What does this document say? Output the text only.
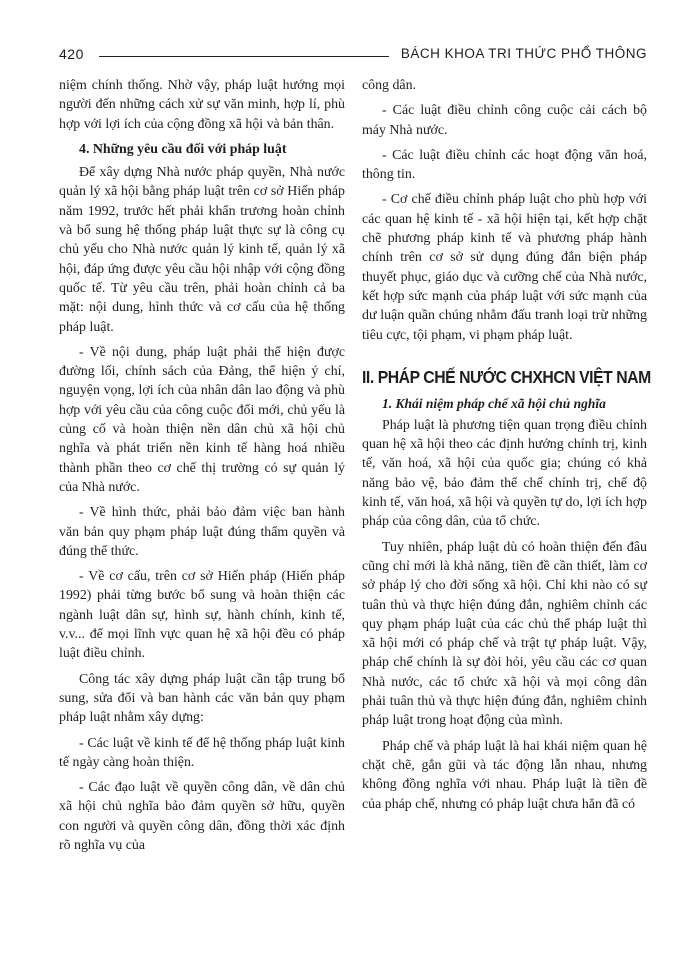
420	BÁCH KHOA TRI THỨC PHỔ THÔNG

niệm chính thống. Nhờ vậy, pháp luật hướng mọi người đến những cách xử sự văn minh, hợp lí, phù hợp với lợi ích của cộng đồng xã hội và bản thân.

4. Những yêu cầu đối với pháp luật

Để xây dựng Nhà nước pháp quyền, Nhà nước quản lý xã hội bằng pháp luật trên cơ sở Hiến pháp năm 1992, trước hết phải khẩn trương hoàn chỉnh và bổ sung hệ thống pháp luật thực sự là công cụ chủ yếu cho Nhà nước quản lý kinh tế, quản lý xã hội, đáp ứng được yêu cầu hội nhập với cộng đồng quốc tế. Từ yêu cầu trên, phải hoàn chỉnh cả ba mặt: nội dung, hình thức và cơ cấu của hệ thống pháp luật.

- Về nội dung, pháp luật phải thể hiện được đường lối, chính sách của Đảng, thể hiện ý chí, nguyện vọng, lợi ích của nhân dân lao động và phù hợp với yêu cầu của công cuộc đổi mới, chủ yếu là củng cố và hoàn thiện nền dân chủ xã hội chủ nghĩa và phát triển nền kinh tế hàng hoá nhiều thành phần theo cơ chế thị trường có sự quản lý của Nhà nước.

- Về hình thức, phải bảo đảm việc ban hành văn bản quy phạm pháp luật đúng thẩm quyền và đúng thể thức.

- Về cơ cấu, trên cơ sở Hiến pháp (Hiến pháp 1992) phải từng bước bổ sung và hoàn thiện các ngành luật dân sự, hình sự, hành chính, kinh tế, v.v... để mọi lĩnh vực quan hệ xã hội đều có pháp luật điều chỉnh.

Công tác xây dựng pháp luật cần tập trung bổ sung, sửa đổi và ban hành các văn bản quy phạm pháp luật nhằm xây dựng:

- Các luật về kinh tế để hệ thống pháp luật kinh tế ngày càng hoàn thiện.

- Các đạo luật về quyền công dân, về dân chủ xã hội chủ nghĩa bảo đảm quyền sở hữu, quyền con người và quyền công dân, đồng thời xác định rõ nghĩa vụ của

công dân.

- Các luật điều chỉnh công cuộc cải cách bộ máy Nhà nước.

- Các luật điều chỉnh các hoạt động văn hoá, thông tin.

- Cơ chế điều chỉnh pháp luật cho phù hợp với các quan hệ kinh tế - xã hội hiện tại, kết hợp chặt chẽ phương pháp kinh tế và phương pháp hành chính trên cơ sở sử dụng đúng đắn biện pháp thuyết phục, giáo dục và cưỡng chế của Nhà nước, kết hợp sức mạnh của pháp luật với sức mạnh của dư luận quần chúng nhằm đấu tranh loại trừ những tiêu cực, tội phạm, vi phạm pháp luật.

II. PHÁP CHẾ NƯỚC CHXHCN VIỆT NAM

1. Khái niệm pháp chế xã hội chủ nghĩa

Pháp luật là phương tiện quan trọng điều chỉnh quan hệ xã hội theo các định hướng chính trị, kinh tế, văn hoá, xã hội của quốc gia; chúng có khả năng bảo vệ, bảo đảm thể chế chính trị, chế độ kinh tế, văn hoá, xã hội và quyền tự do, lợi ích hợp pháp của công dân, của tổ chức.

Tuy nhiên, pháp luật dù có hoàn thiện đến đâu cũng chỉ mới là khả năng, tiền đề cần thiết, làm cơ sở pháp lý cho đời sống xã hội. Chỉ khi nào có sự tuân thủ và thực hiện đúng đắn, nghiêm chỉnh các quy phạm pháp luật của các chủ thể pháp luật thì xã hội mới có pháp chế và trật tự pháp luật. Vậy, pháp chế chính là sự đòi hỏi, yêu cầu các cơ quan Nhà nước, các tổ chức xã hội và mọi công dân phải tuân thủ và thực hiện đúng đắn, nghiêm chỉnh pháp luật trong hoạt động của mình.

Pháp chế và pháp luật là hai khái niệm quan hệ chặt chẽ, gắn gũi và tác động lẫn nhau, nhưng không đồng nghĩa với nhau. Pháp luật là tiền đề của pháp chế, nhưng có pháp luật chưa hẳn đã có
